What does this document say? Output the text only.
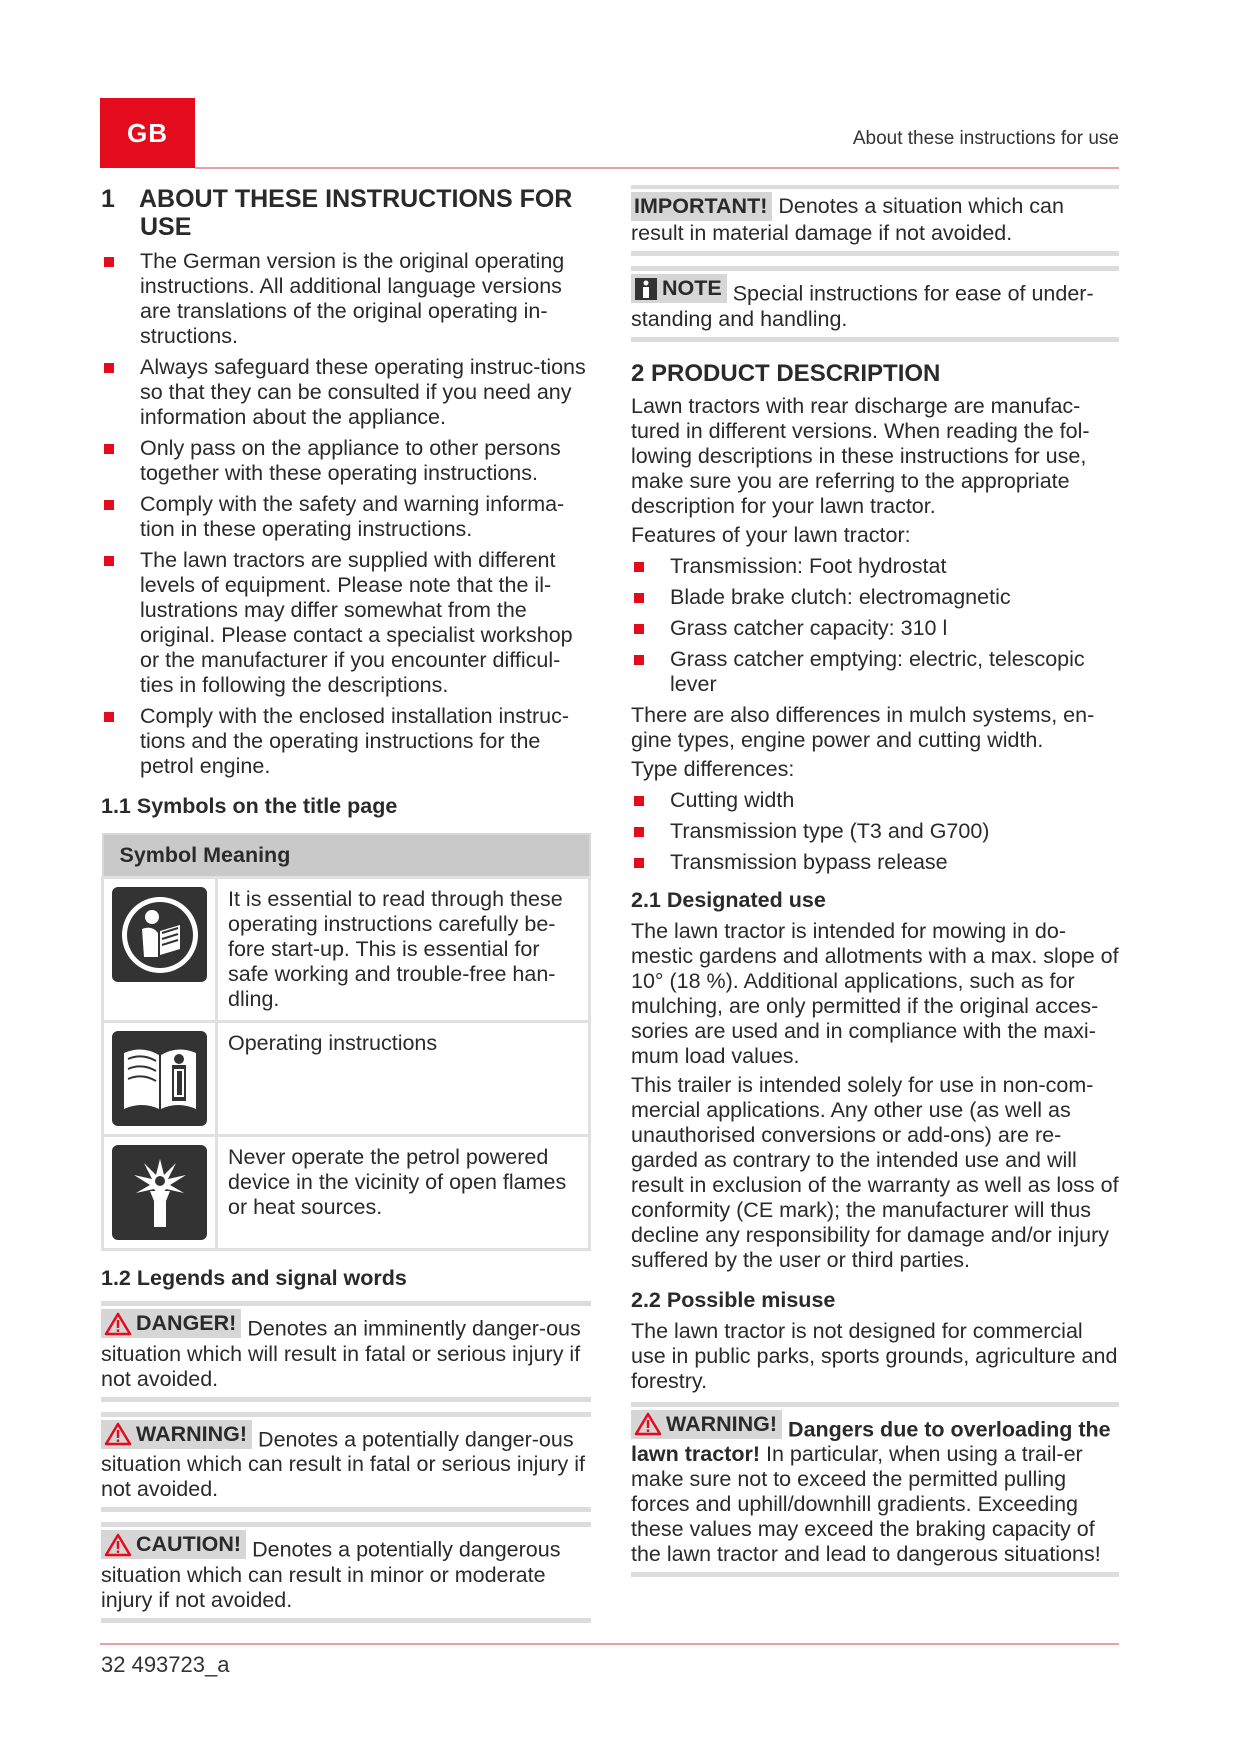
GB	About these instructions for use
1 ABOUT THESE INSTRUCTIONS FOR
USE
The German version is the original operating instructions. All additional language versions are translations of the original operating in-structions.
Always safeguard these operating instruc-tions so that they can be consulted if you need any information about the appliance.
Only pass on the appliance to other persons together with these operating instructions.
Comply with the safety and warning informa-tion in these operating instructions.
The lawn tractors are supplied with different levels of equipment. Please note that the il-lustrations may differ somewhat from the original. Please contact a specialist workshop or the manufacturer if you encounter difficul-ties in following the descriptions.
Comply with the enclosed installation instruc-tions and the operating instructions for the petrol engine.
1.1 Symbols on the title page
Symbol Meaning	

	It is essential to read through these operating instructions carefully be-fore start-up. This is essential for safe working and trouble-free han-dling.

	Operating instructions

	Never operate the petrol powered device in the vicinity of open flames or heat sources.
1.2 Legends and signal words
DANGER! Denotes an imminently danger-ous situation which will result in fatal or serious injury if not avoided.
WARNING! Denotes a potentially danger-ous situation which can result in fatal or serious injury if not avoided.
CAUTION! Denotes a potentially dangerous situation which can result in minor or moderate injury if not avoided.
IMPORTANT! Denotes a situation which can result in material damage if not avoided.
NOTE Special instructions for ease of under-standing and handling.
2 PRODUCT DESCRIPTION

Lawn tractors with rear discharge are manufac-tured in different versions. When reading the fol-lowing descriptions in these instructions for use, make sure you are referring to the appropriate description for your lawn tractor.

Features of your lawn tractor:

Transmission: Foot hydrostat
Blade brake clutch: electromagnetic
Grass catcher capacity: 310 l
Grass catcher emptying: electric, telescopic lever

There are also differences in mulch systems, en-gine types, engine power and cutting width.

Type differences:

Cutting width
Transmission type (T3 and G700)
Transmission bypass release
2.1 Designated use

The lawn tractor is intended for mowing in do-mestic gardens and allotments with a max. slope of 10° (18 %). Additional applications, such as for mulching, are only permitted if the original acces-sories are used and in compliance with the maxi-mum load values.

This trailer is intended solely for use in non-com-mercial applications. Any other use (as well as unauthorised conversions or add-ons) are re-garded as contrary to the intended use and will result in exclusion of the warranty as well as loss of conformity (CE mark); the manufacturer will thus decline any responsibility for damage and/or injury suffered by the user or third parties.

2.2 Possible misuse

The lawn tractor is not designed for commercial use in public parks, sports grounds, agriculture and forestry.

WARNING! Dangers due to overloading the lawn tractor! In particular, when using a trail-er make sure not to exceed the permitted pulling forces and uphill/downhill gradients. Exceeding these values may exceed the braking capacity of the lawn tractor and lead to dangerous situations!
32 493723_a
